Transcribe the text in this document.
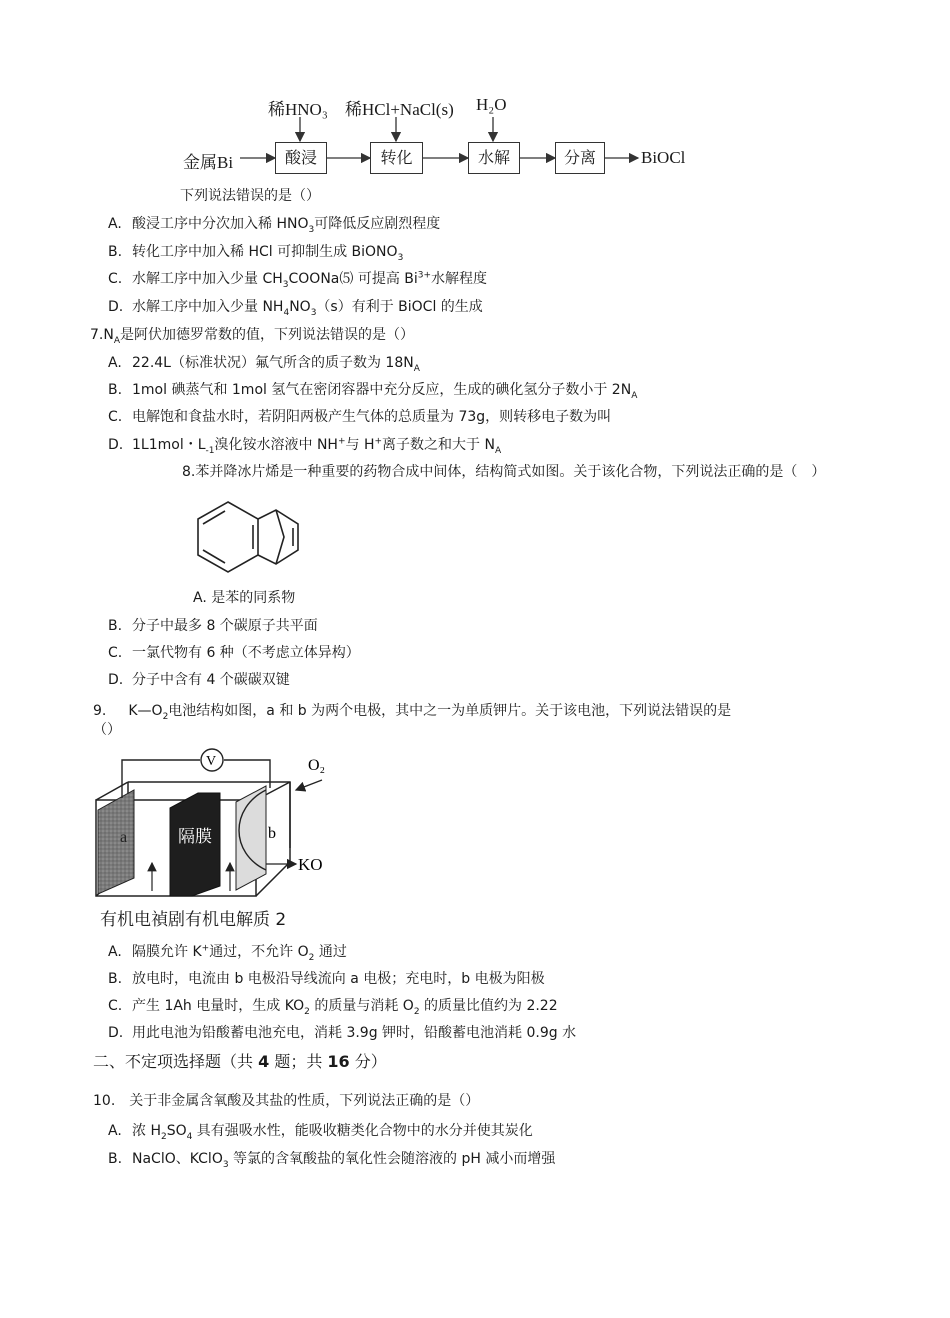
稀HNO₃ 稀HCl+NaCl(s) H₂O
金属Bi	酸浸	转化	水解	分离	BiOCl
下列说法错误的是（）
A. 酸浸工序中分次加入稀 $HNO_3$可降低反应剧烈程度
B. 转化工序中加入稀 HCl 可抑制生成 BiONO$_3$
C. 水解工序中加入少量 $CH_3COONa⑸$ 可提高 $Bi^{3+}$水解程度
D. 水解工序中加入少量 $NH_4NO_3(s)$有利于 BiOCl 的生成
$7.N_A$是阿伏加德罗常数的值，下列说法错误的是（）
A. 22.4L（标准状况）氟气所含的质子数为 $18N_A$
B. 1mol 碘蒸气和 1mol 氢气在密闭容器中充分反应，生成的碘化氢分子数小于 $2N_A$
C. 电解饱和食盐水时，若阴阳两极产生气体的总质量为 73g，则转移电子数为叫
D. 1L1mol・$L_{-1}$溴化铵水溶液中 NH+与 H+离子数之和大于 $N_A$
8.苯并降冰片烯是一种重要的药物合成中间体，结构简式如图。关于该化合物，下列说法正确的是（　）
A. 是苯的同系物
B. 分子中最多 8 个碳原子共平面
C. 一氯代物有 6 种（不考虑立体异构）
D. 分子中含有 4 个碳碳双键
9. $K—O_2$电池结构如图，a 和 b 为两个电极，其中之一为单质钾片。关于该电池，下列说法错误的是
（）
V	O₂
KO
a	b
隔膜
有机电禎剧有机电解质 2
A. 隔膜允许 K+通过，不允许 $O_2$ 通过
B. 放电时，电流由 b 电极沿导线流向 a 电极；充电时，b 电极为阳极
C. 产生 1Ah 电量时，生成 $KO_2$ 的质量与消耗 $O_2$ 的质量比值约为 2.22
D. 用此电池为铅酸蓄电池充电，消耗 3.9g 钾时，铅酸蓄电池消耗 0.9g 水
二、不定项选择题（共 4 题；共 16 分）
10. 关于非金属含氧酸及其盐的性质，下列说法正确的是（）
A. 浓 $H_2SO_4$ 具有强吸水性，能吸收糖类化合物中的水分并使其炭化
B. NaClO、KClO$_3$ 等氯的含氧酸盐的氧化性会随溶液的 pH 减小而增强
